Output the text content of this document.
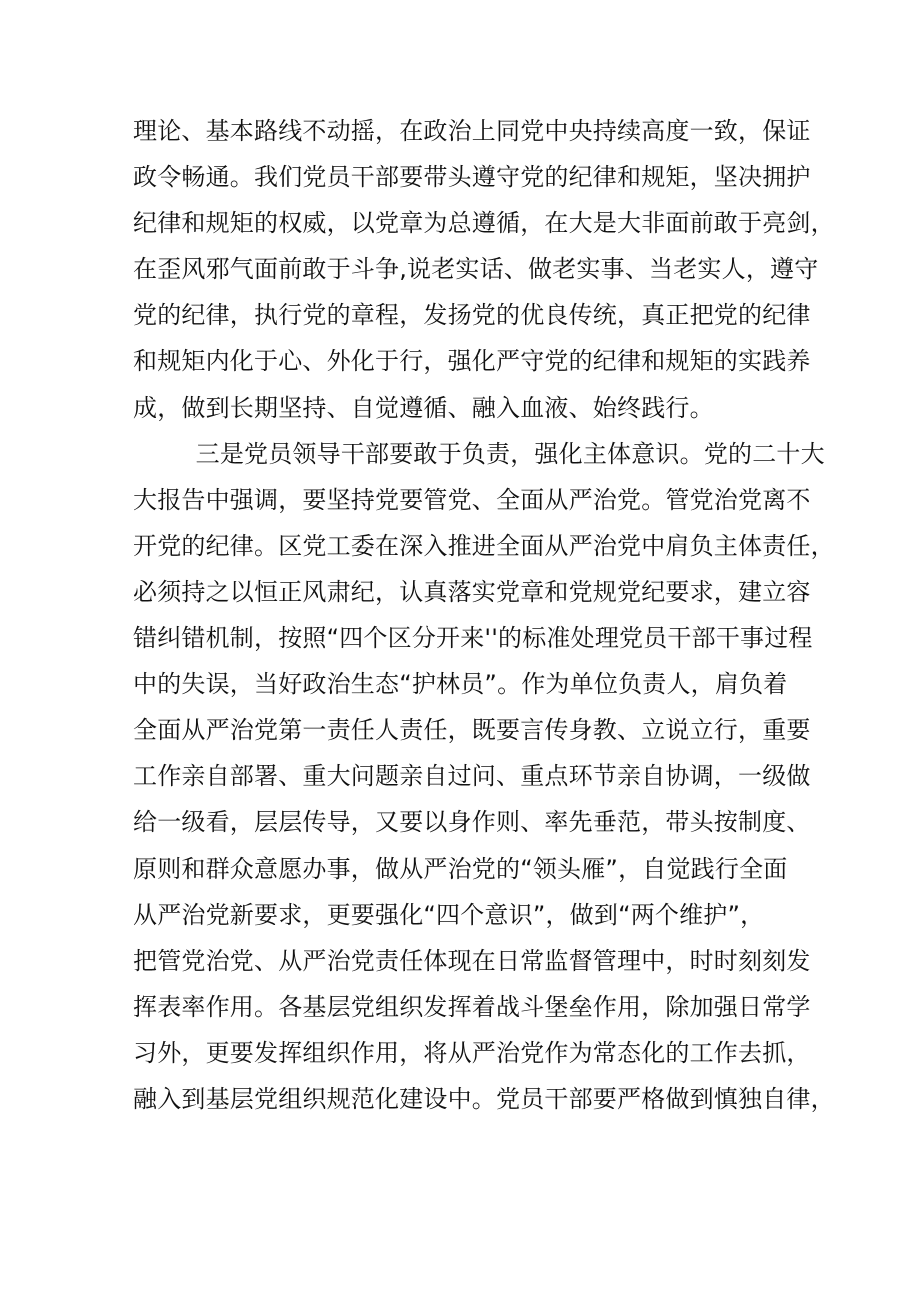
理论、基本路线不动摇，在政治上同党中央持续高度一致，保证
政令畅通。我们党员干部要带头遵守党的纪律和规矩，坚决拥护
纪律和规矩的权威，以党章为总遵循，在大是大非面前敢于亮剑，
在歪风邪气面前敢于斗争,说老实话、做老实事、当老实人，遵守
党的纪律，执行党的章程，发扬党的优良传统，真正把党的纪律
和规矩内化于心、外化于行，强化严守党的纪律和规矩的实践养
成，做到长期坚持、自觉遵循、融入血液、始终践行。
三是党员领导干部要敢于负责，强化主体意识。党的二十大
大报告中强调，要坚持党要管党、全面从严治党。管党治党离不
开党的纪律。区党工委在深入推进全面从严治党中肩负主体责任，
必须持之以恒正风肃纪，认真落实党章和党规党纪要求，建立容
错纠错机制，按照“四个区分开来''的标准处理党员干部干事过程
中的失误，当好政治生态“护林员”。作为单位负责人，肩负着
全面从严治党第一责任人责任，既要言传身教、立说立行，重要
工作亲自部署、重大问题亲自过问、重点环节亲自协调，一级做
给一级看，层层传导，又要以身作则、率先垂范，带头按制度、
原则和群众意愿办事，做从严治党的“领头雁”，自觉践行全面
从严治党新要求，更要强化“四个意识”，做到“两个维护”，
把管党治党、从严治党责任体现在日常监督管理中，时时刻刻发
挥表率作用。各基层党组织发挥着战斗堡垒作用，除加强日常学
习外，更要发挥组织作用，将从严治党作为常态化的工作去抓，
融入到基层党组织规范化建设中。党员干部要严格做到慎独自律，
